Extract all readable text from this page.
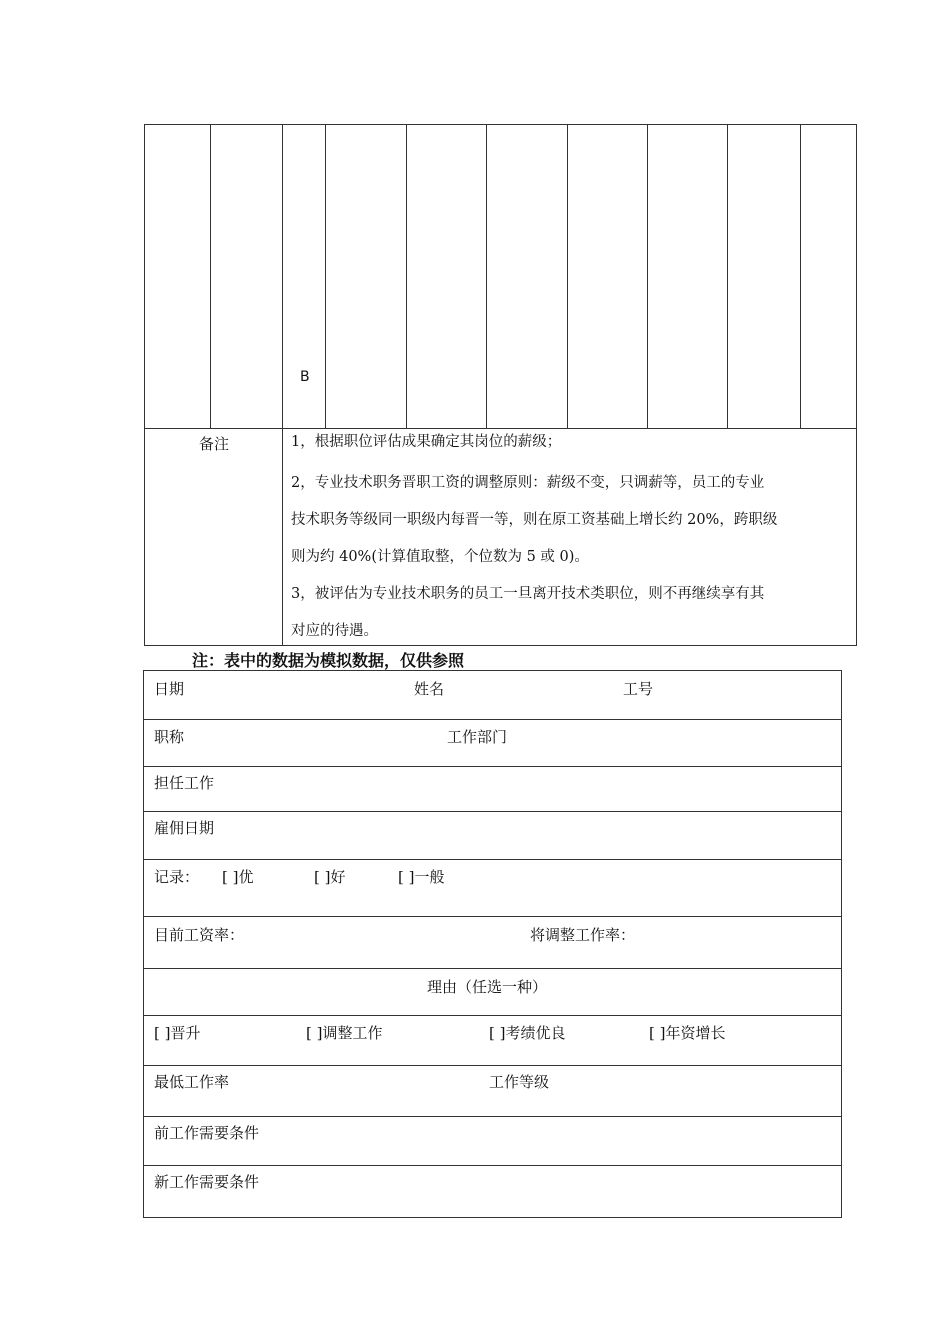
B
备注	1，根据职位评估成果确定其岗位的薪级；

2，专业技术职务晋职工资的调整原则：薪级不变，只调薪等，员工的专业

技术职务等级同一职级内每晋一等，则在原工资基础上增长约 20%，跨职级

则为约 40%(计算值取整，个位数为 5 或 0)。

3，被评估为专业技术职务的员工一旦离开技术类职位，则不再继续享有其

对应的待遇。

注：表中的数据为模拟数据，仅供参照
日期	姓名	工号
职称	工作部门
担任工作
雇佣日期
记录： [ ]优	[ ]好	[ ]一般
目前工资率：	将调整工作率：
理由（任选一种）
[ ]晋升	[ ]调整工作	[ ]考绩优良	[ ]年资增长
最低工作率	工作等级
前工作需要条件
新工作需要条件
